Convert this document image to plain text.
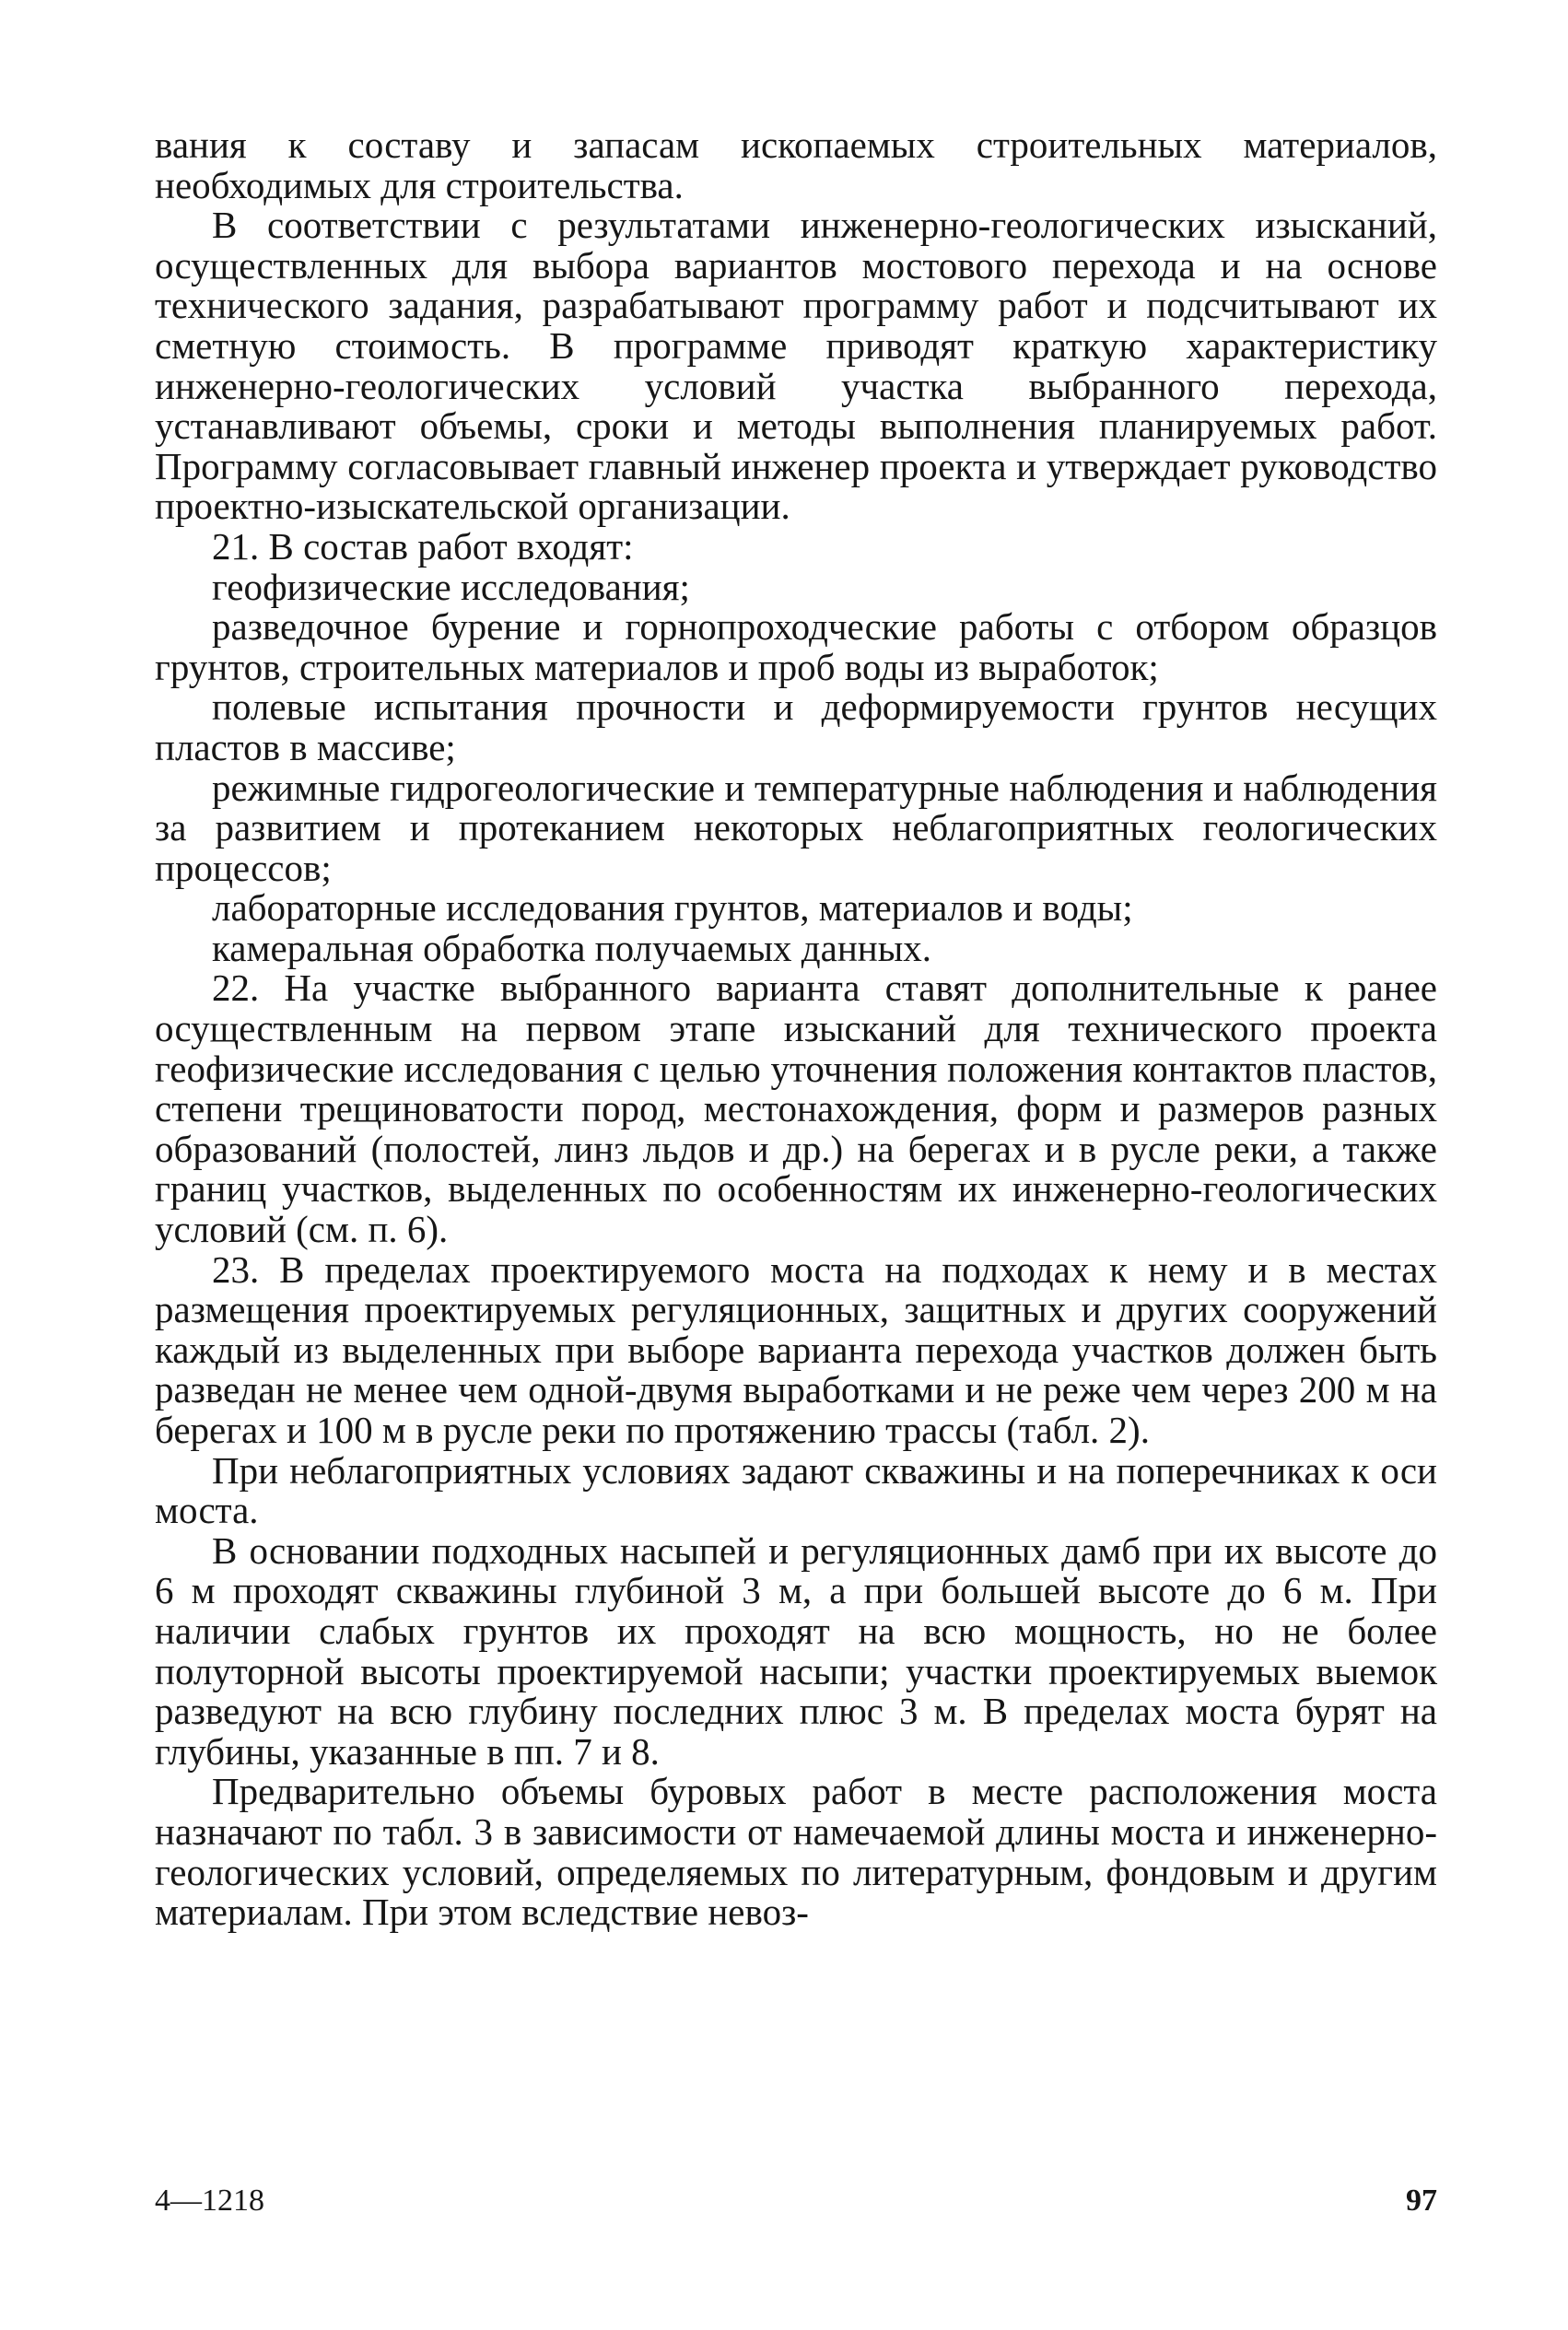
вания к составу и запасам ископаемых строительных материалов, необходимых для строительства.

В соответствии с результатами инженерно-геологических изысканий, осуществленных для выбора вариантов мостового перехода и на основе технического задания, разрабатывают программу работ и подсчитывают их сметную стоимость. В программе приводят краткую характеристику инженерно-геологических условий участка выбранного перехода, устанавливают объемы, сроки и методы выполнения планируемых работ. Программу согласовывает главный инженер проекта и утверждает руководство проектно-изыскательской организации.

21. В состав работ входят:

геофизические исследования;

разведочное бурение и горнопроходческие работы с отбором образцов грунтов, строительных материалов и проб воды из выработок;

полевые испытания прочности и деформируемости грунтов несущих пластов в массиве;

режимные гидрогеологические и температурные наблюдения и наблюдения за развитием и протеканием некоторых неблагоприятных геологических процессов;

лабораторные исследования грунтов, материалов и воды;

камеральная обработка получаемых данных.

22. На участке выбранного варианта ставят дополнительные к ранее осуществленным на первом этапе изысканий для технического проекта геофизические исследования с целью уточнения положения контактов пластов, степени трещиноватости пород, местонахождения, форм и размеров разных образований (полостей, линз льдов и др.) на берегах и в русле реки, а также границ участков, выделенных по особенностям их инженерно-геологических условий (см. п. 6).

23. В пределах проектируемого моста на подходах к нему и в местах размещения проектируемых регуляционных, защитных и других сооружений каждый из выделенных при выборе варианта перехода участков должен быть разведан не менее чем одной-двумя выработками и не реже чем через 200 м на берегах и 100 м в русле реки по протяжению трассы (табл. 2).

При неблагоприятных условиях задают скважины и на поперечниках к оси моста.

В основании подходных насыпей и регуляционных дамб при их высоте до 6 м проходят скважины глубиной 3 м, а при большей высоте до 6 м. При наличии слабых грунтов их проходят на всю мощность, но не более полуторной высоты проектируемой насыпи; участки проектируемых выемок разведуют на всю глубину последних плюс 3 м. В пределах моста бурят на глубины, указанные в пп. 7 и 8.

Предварительно объемы буровых работ в месте расположения моста назначают по табл. 3 в зависимости от намечаемой длины моста и инженерно-геологических условий, определяемых по литературным, фондовым и другим материалам. При этом вследствие невоз-

4—1218	97
